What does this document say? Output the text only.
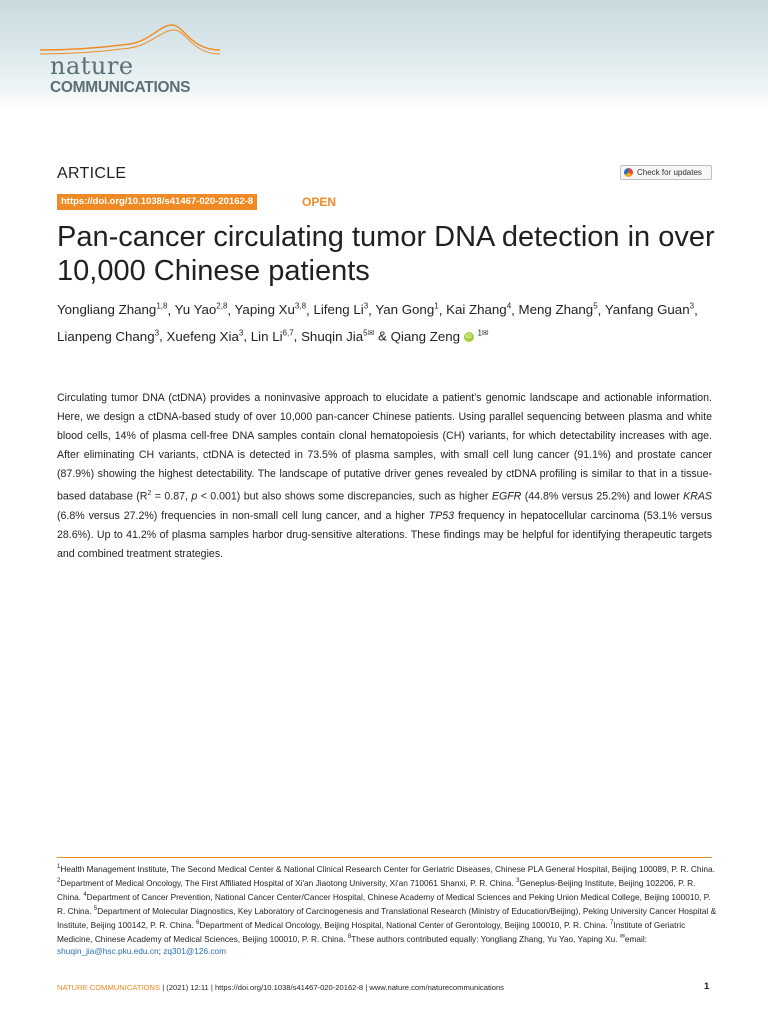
nature
COMMUNICATIONS
ARTICLE	Check for updates
https://doi.org/10.1038/s41467-020-20162-8	OPEN
Pan-cancer circulating tumor DNA detection in over 10,000 Chinese patients
Yongliang Zhang$^{1,8}$, Yu Yao$^{2,8}$, Yaping Xu$^{3,8}$, Lifeng Li$^3$, Yan Gong$^1$, Kai Zhang$^4$, Meng Zhang$^5$, Yanfang Guan$^3$, Lianpeng Chang$^3$, Xuefeng Xia$^3$, Lin Li$^{6,7}$, Shuqin Jia$^{5✉}$ & Qiang Zeng iD $^{1✉}$
Circulating tumor DNA (ctDNA) provides a noninvasive approach to elucidate a patient's genomic landscape and actionable information. Here, we design a ctDNA-based study of over 10,000 pan-cancer Chinese patients. Using parallel sequencing between plasma and white blood cells, 14% of plasma cell-free DNA samples contain clonal hematopoiesis (CH) variants, for which detectability increases with age. After eliminating CH variants, ctDNA is detected in 73.5% of plasma samples, with small cell lung cancer (91.1%) and prostate cancer (87.9%) showing the highest detectability. The landscape of putative driver genes revealed by ctDNA profiling is similar to that in a tissue-based database ($R^2 = 0.87$, p < 0.001) but also shows some discrepancies, such as higher EGFR (44.8% versus 25.2%) and lower KRAS (6.8% versus 27.2%) frequencies in non-small cell lung cancer, and a higher TP53 frequency in hepatocellular carcinoma (53.1% versus 28.6%). Up to 41.2% of plasma samples harbor drug-sensitive alterations. These findings may be helpful for identifying therapeutic targets and combined treatment strategies.
$^1$Health Management Institute, The Second Medical Center & National Clinical Research Center for Geriatric Diseases, Chinese PLA General Hospital, Beijing 100089, P. R. China. $^2$Department of Medical Oncology, The First Affiliated Hospital of Xi'an Jiaotong University, Xi'an 710061 Shanxi, P. R. China. $^3$Geneplus-Beijing Institute, Beijing 102206, P. R. China. $^4$Department of Cancer Prevention, National Cancer Center/Cancer Hospital, Chinese Academy of Medical Sciences and Peking Union Medical College, Beijing 100010, P. R. China. $^5$Department of Molecular Diagnostics, Key Laboratory of Carcinogenesis and Translational Research (Ministry of Education/Beijing), Peking University Cancer Hospital & Institute, Beijing 100142, P. R. China. $^6$Department of Medical Oncology, Beijing Hospital, National Center of Gerontology, Beijing 100010, P. R. China. $^7$Institute of Geriatric Medicine, Chinese Academy of Medical Sciences, Beijing 100010, P. R. China. $^8$These authors contributed equally: Yongliang Zhang, Yu Yao, Yaping Xu. ✉email: shuqin_jia@hsc.pku.edu.cn; zq301@126.com
NATURE COMMUNICATIONS | (2021) 12:11 | https://doi.org/10.1038/s41467-020-20162-8 | www.nature.com/naturecommunications	1
